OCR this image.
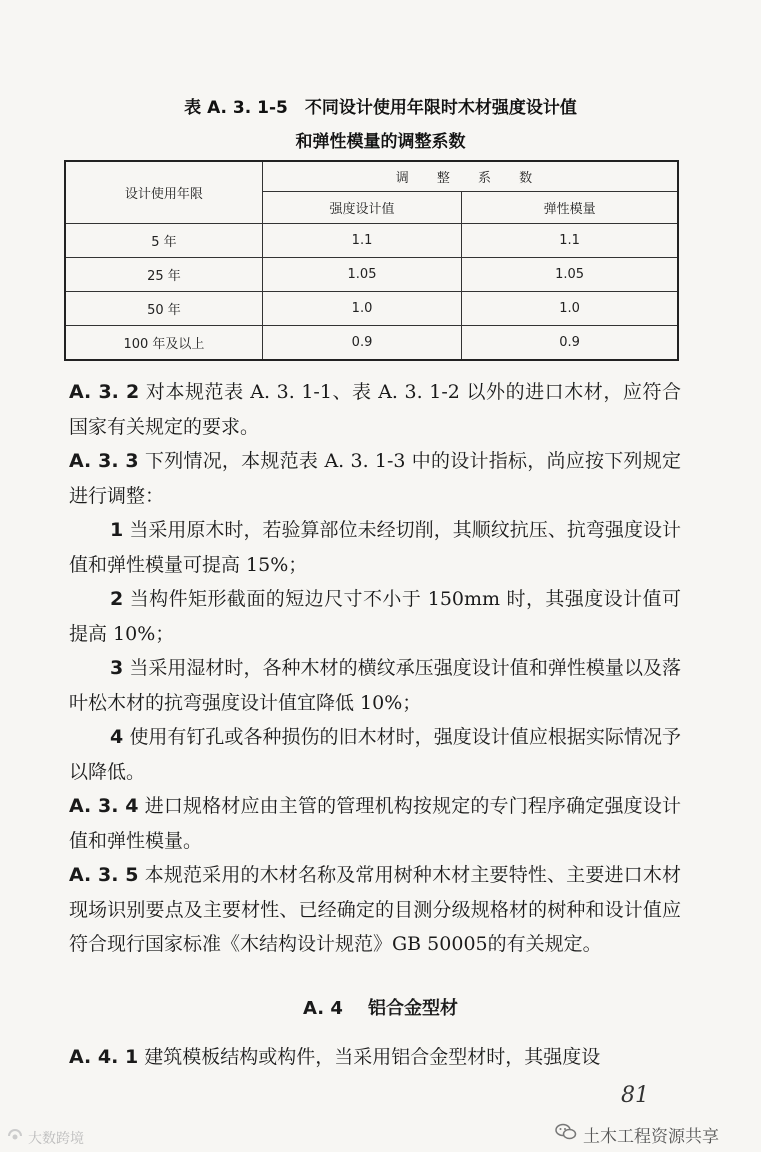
表 A. 3. 1-5　不同设计使用年限时木材强度设计值
和弹性模量的调整系数
设计使用年限	调 整 系 数	
	强度设计值	弹性模量
5 年	1.1	1.1
25 年	1.05	1.05
50 年	1.0	1.0
100 年及以上	0.9	0.9

A. 3. 2 对本规范表 A. 3. 1-1、表 A. 3. 1-2 以外的进口木材，应符合国家有关规定的要求。

A. 3. 3 下列情况，本规范表 A. 3. 1-3 中的设计指标，尚应按下列规定进行调整：

1 当采用原木时，若验算部位未经切削，其顺纹抗压、抗弯强度设计值和弹性模量可提高 15%；

2 当构件矩形截面的短边尺寸不小于 150mm 时，其强度设计值可提高 10%；

3 当采用湿材时，各种木材的横纹承压强度设计值和弹性模量以及落叶松木材的抗弯强度设计值宜降低 10%；

4 使用有钉孔或各种损伤的旧木材时，强度设计值应根据实际情况予以降低。

A. 3. 4 进口规格材应由主管的管理机构按规定的专门程序确定强度设计值和弹性模量。

A. 3. 5 本规范采用的木材名称及常用树种木材主要特性、主要进口木材现场识别要点及主要材性、已经确定的目测分级规格材的树种和设计值应符合现行国家标准《木结构设计规范》GB 50005的有关规定。

A. 4 铝合金型材

A. 4. 1 建筑模板结构或构件，当采用铝合金型材时，其强度设

81
土木工程资源共享
大数跨境
